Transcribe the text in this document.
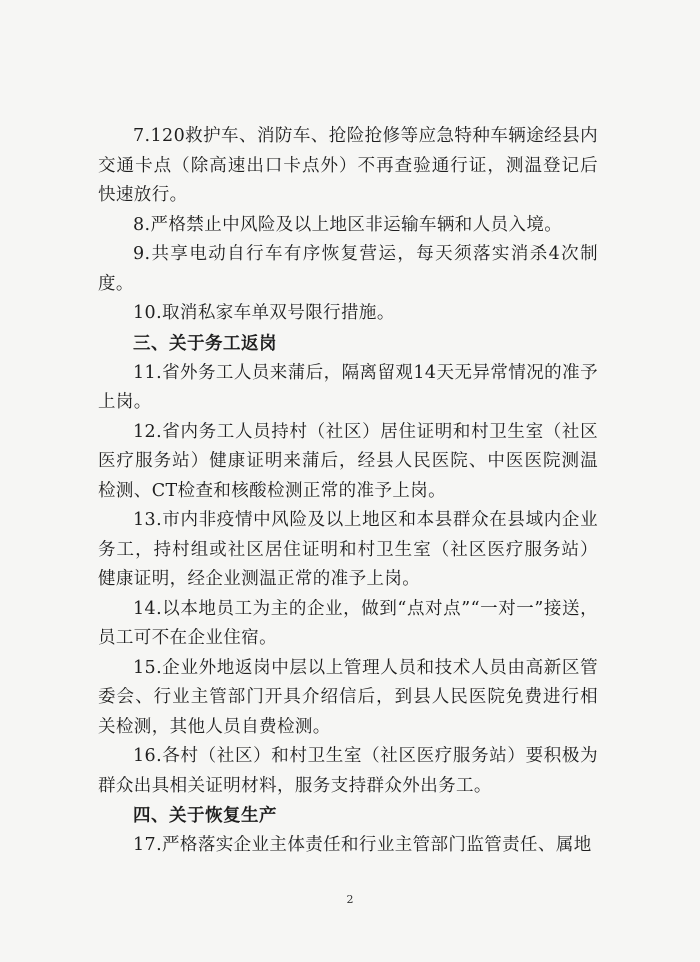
7.120救护车、消防车、抢险抢修等应急特种车辆途经县内交通卡点（除高速出口卡点外）不再查验通行证，测温登记后快速放行。

8.严格禁止中风险及以上地区非运输车辆和人员入境。

9.共享电动自行车有序恢复营运，每天须落实消杀4次制度。

10.取消私家车单双号限行措施。

三、关于务工返岗

11.省外务工人员来蒲后，隔离留观14天无异常情况的准予上岗。

12.省内务工人员持村（社区）居住证明和村卫生室（社区医疗服务站）健康证明来蒲后，经县人民医院、中医医院测温检测、CT检查和核酸检测正常的准予上岗。

13.市内非疫情中风险及以上地区和本县群众在县域内企业务工，持村组或社区居住证明和村卫生室（社区医疗服务站）健康证明，经企业测温正常的准予上岗。

14.以本地员工为主的企业，做到“点对点”“一对一”接送，员工可不在企业住宿。

15.企业外地返岗中层以上管理人员和技术人员由高新区管委会、行业主管部门开具介绍信后，到县人民医院免费进行相关检测，其他人员自费检测。

16.各村（社区）和村卫生室（社区医疗服务站）要积极为群众出具相关证明材料，服务支持群众外出务工。

四、关于恢复生产

17.严格落实企业主体责任和行业主管部门监管责任、属地

2
